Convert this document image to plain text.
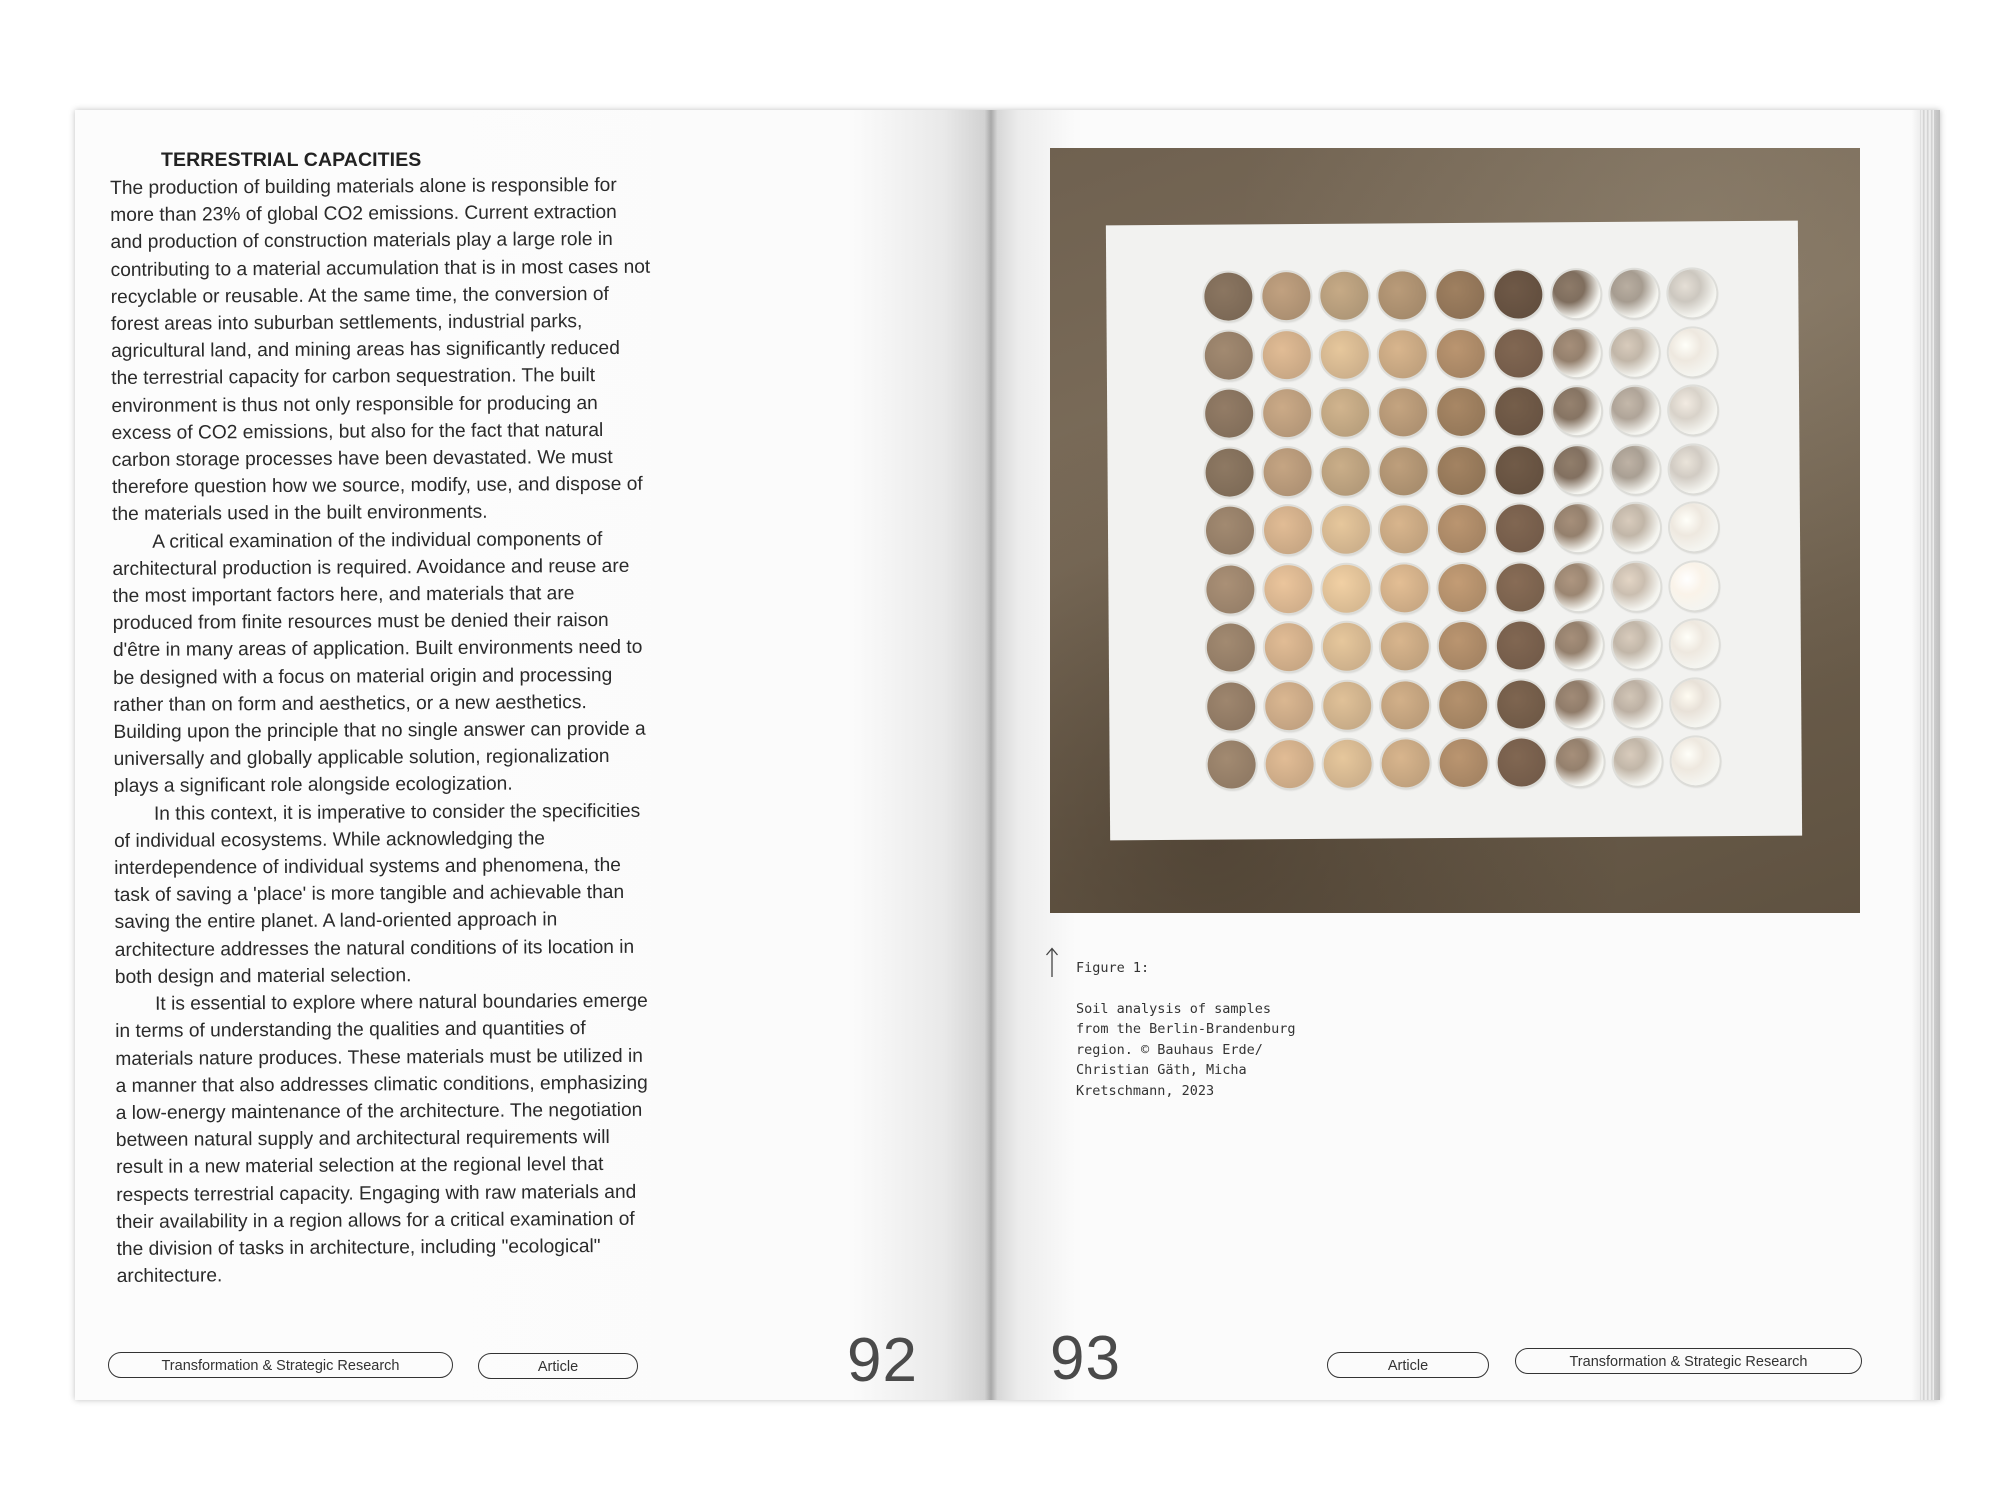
TERRESTRIAL CAPACITIES

The production of building materials alone is responsible for more than 23% of global CO2 emissions. Current extraction and production of construction materials play a large role in contributing to a material accumulation that is in most cases not recyclable or reusable. At the same time, the conversion of forest areas into suburban settlements, industrial parks, agricultural land, and mining areas has significantly reduced the terrestrial capacity for carbon sequestration. The built environment is thus not only responsible for producing an excess of CO2 emissions, but also for the fact that natural carbon storage processes have been devastated. We must therefore question how we source, modify, use, and dispose of the materials used in the built environments.

A critical examination of the individual components of architectural production is required. Avoidance and reuse are the most important factors here, and materials that are produced from finite resources must be denied their raison d'être in many areas of application. Built environments need to be designed with a focus on material origin and processing rather than on form and aesthetics, or a new aesthetics. Building upon the principle that no single answer can provide a universally and globally applicable solution, regionalization plays a significant role alongside ecologization.

In this context, it is imperative to consider the specificities of individual ecosystems. While acknowledging the interdependence of individual systems and phenomena, the task of saving a 'place' is more tangible and achievable than saving the entire planet. A land-oriented approach in architecture addresses the natural conditions of its location in both design and material selection.

It is essential to explore where natural boundaries emerge in terms of understanding the qualities and quantities of materials nature produces. These materials must be utilized in a manner that also addresses climatic conditions, emphasizing a low-energy maintenance of the architecture. The negotiation between natural supply and architectural requirements will result in a new material selection at the regional level that respects terrestrial capacity. Engaging with raw materials and their availability in a region allows for a critical examination of the division of tasks in architecture, including "ecological" architecture.

Transformation & Strategic Research	Article	92

Figure 1:

Soil analysis of samples

from the Berlin-Brandenburg

region. © Bauhaus Erde/

Christian Gäth, Micha

Kretschmann, 2023

93	Article	Transformation & Strategic Research
